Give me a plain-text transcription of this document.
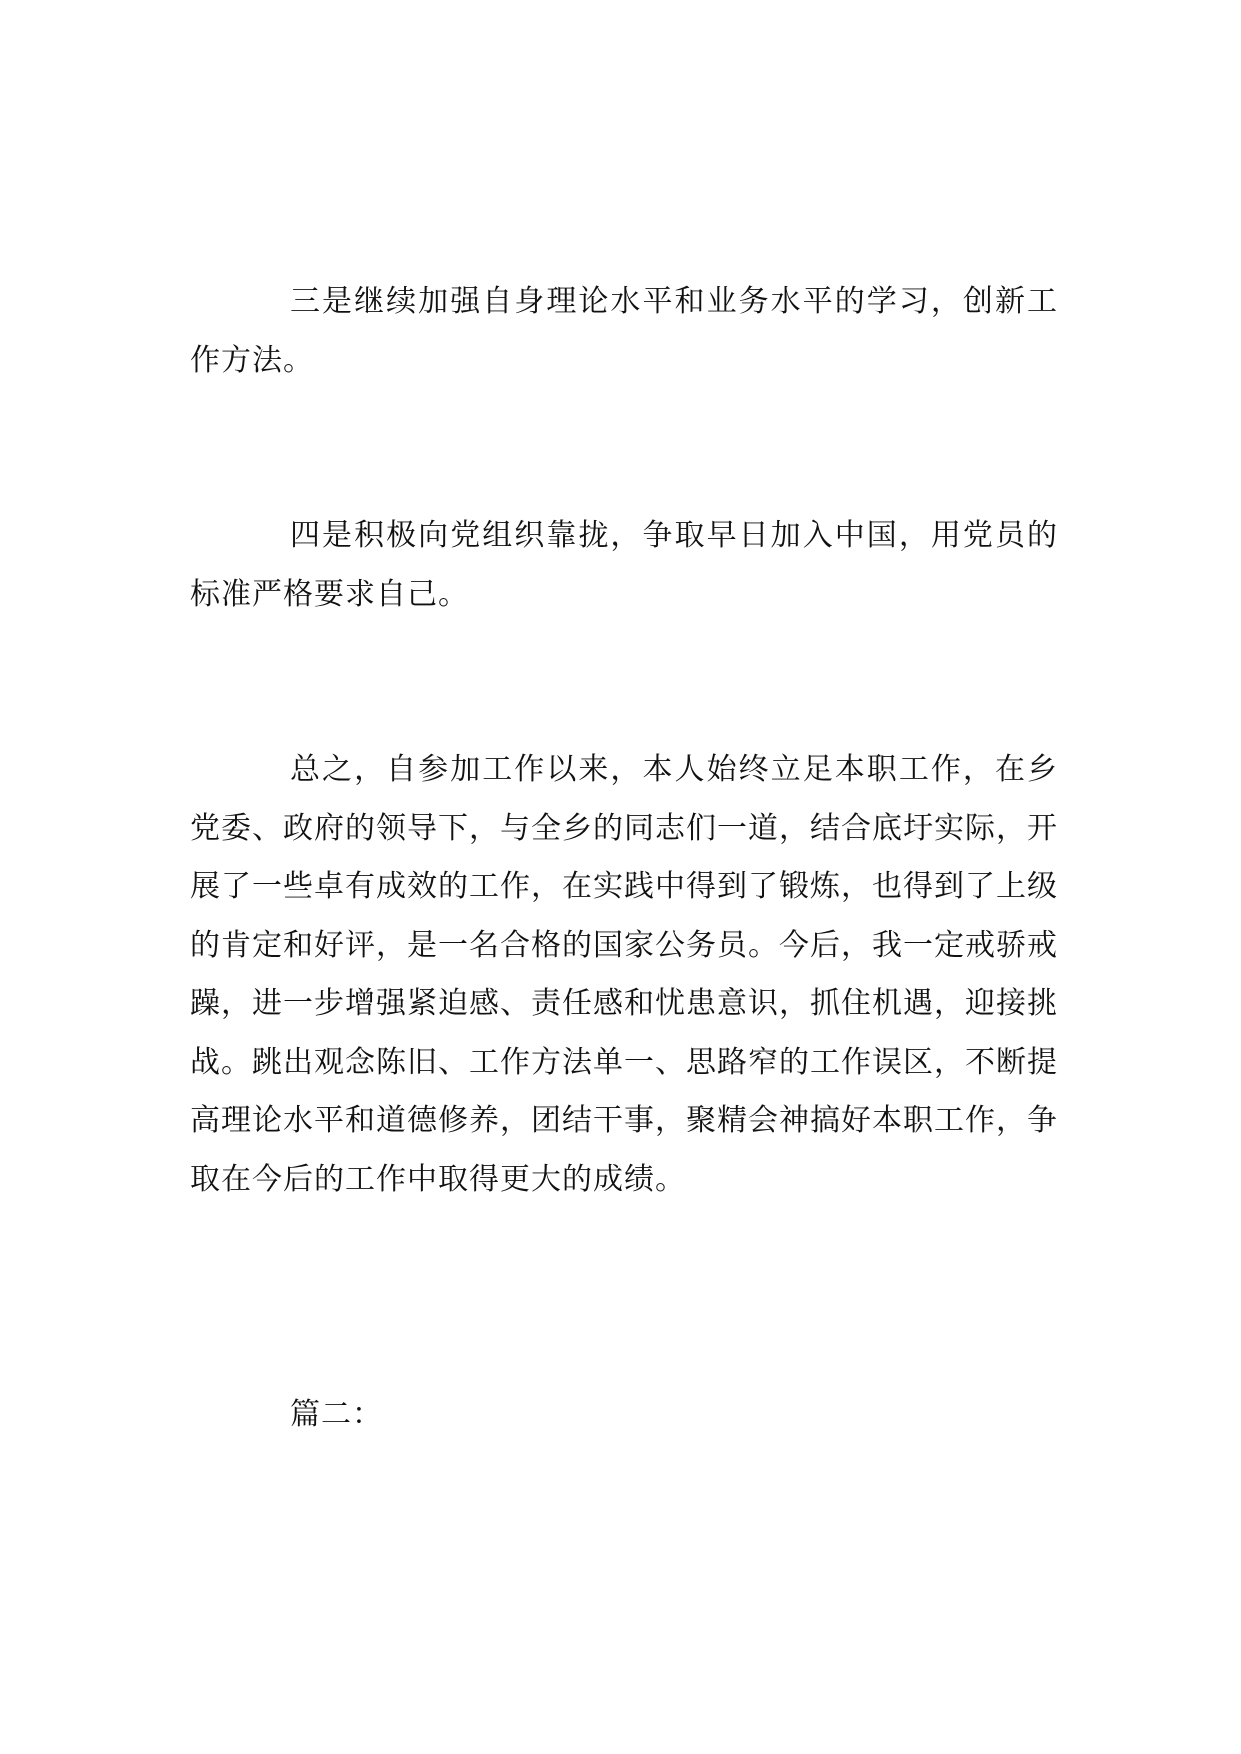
三是继续加强自身理论水平和业务水平的学习，创新工作方法。

四是积极向党组织靠拢，争取早日加入中国，用党员的标准严格要求自己。

总之，自参加工作以来，本人始终立足本职工作，在乡党委、政府的领导下，与全乡的同志们一道，结合底圩实际，开展了一些卓有成效的工作，在实践中得到了锻炼，也得到了上级的肯定和好评，是一名合格的国家公务员。今后，我一定戒骄戒躁，进一步增强紧迫感、责任感和忧患意识，抓住机遇，迎接挑战。跳出观念陈旧、工作方法单一、思路窄的工作误区，不断提高理论水平和道德修养，团结干事，聚精会神搞好本职工作，争取在今后的工作中取得更大的成绩。

篇二：
